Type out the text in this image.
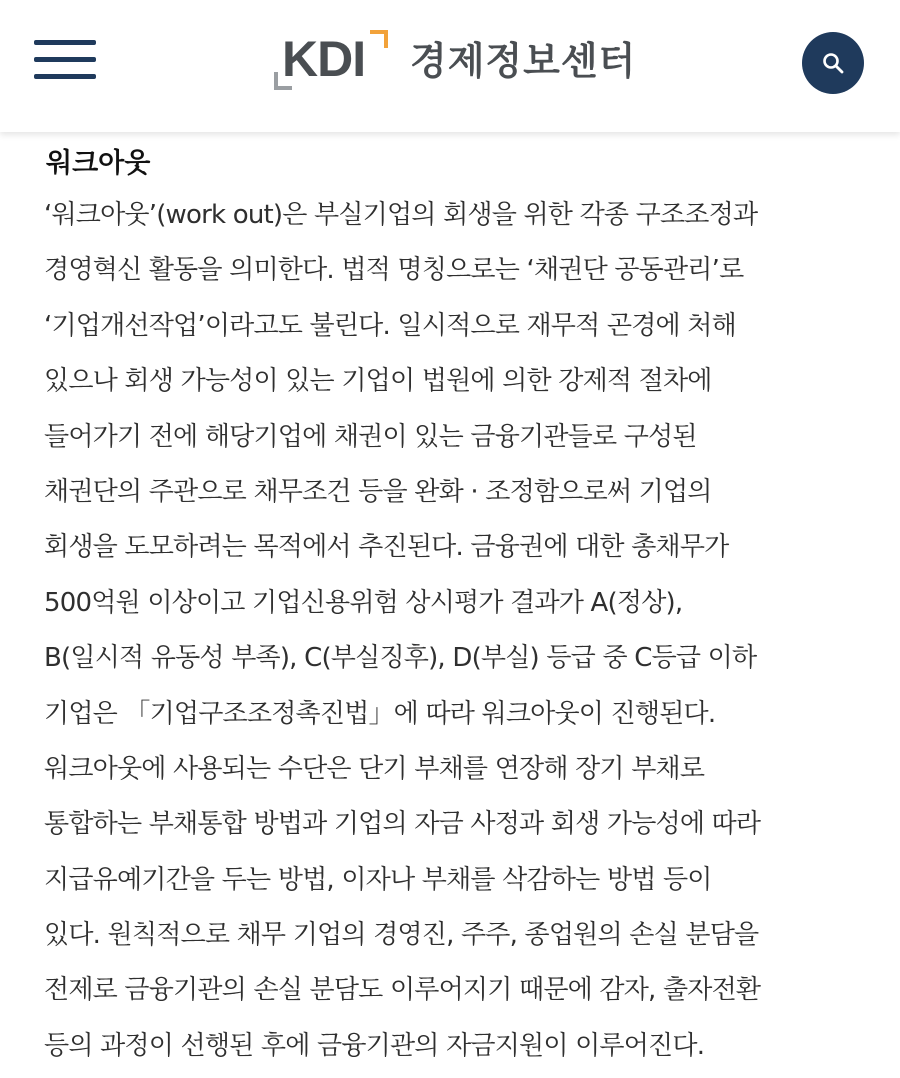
KDI 경제정보센터
워크아웃
‘워크아웃’(work out)은 부실기업의 회생을 위한 각종 구조조정과
경영혁신 활동을 의미한다. 법적 명칭으로는 ‘채권단 공동관리’로
‘기업개선작업’이라고도 불린다. 일시적으로 재무적 곤경에 처해
있으나 회생 가능성이 있는 기업이 법원에 의한 강제적 절차에
들어가기 전에 해당기업에 채권이 있는 금융기관들로 구성된
채권단의 주관으로 채무조건 등을 완화 · 조정함으로써 기업의
회생을 도모하려는 목적에서 추진된다. 금융권에 대한 총채무가
500억원 이상이고 기업신용위험 상시평가 결과가 A(정상),
B(일시적 유동성 부족), C(부실징후), D(부실) 등급 중 C등급 이하
기업은 「기업구조조정촉진법」에 따라 워크아웃이 진행된다.
워크아웃에 사용되는 수단은 단기 부채를 연장해 장기 부채로
통합하는 부채통합 방법과 기업의 자금 사정과 회생 가능성에 따라
지급유예기간을 두는 방법, 이자나 부채를 삭감하는 방법 등이
있다. 원칙적으로 채무 기업의 경영진, 주주, 종업원의 손실 분담을
전제로 금융기관의 손실 분담도 이루어지기 때문에 감자, 출자전환
등의 과정이 선행된 후에 금융기관의 자금지원이 이루어진다.
